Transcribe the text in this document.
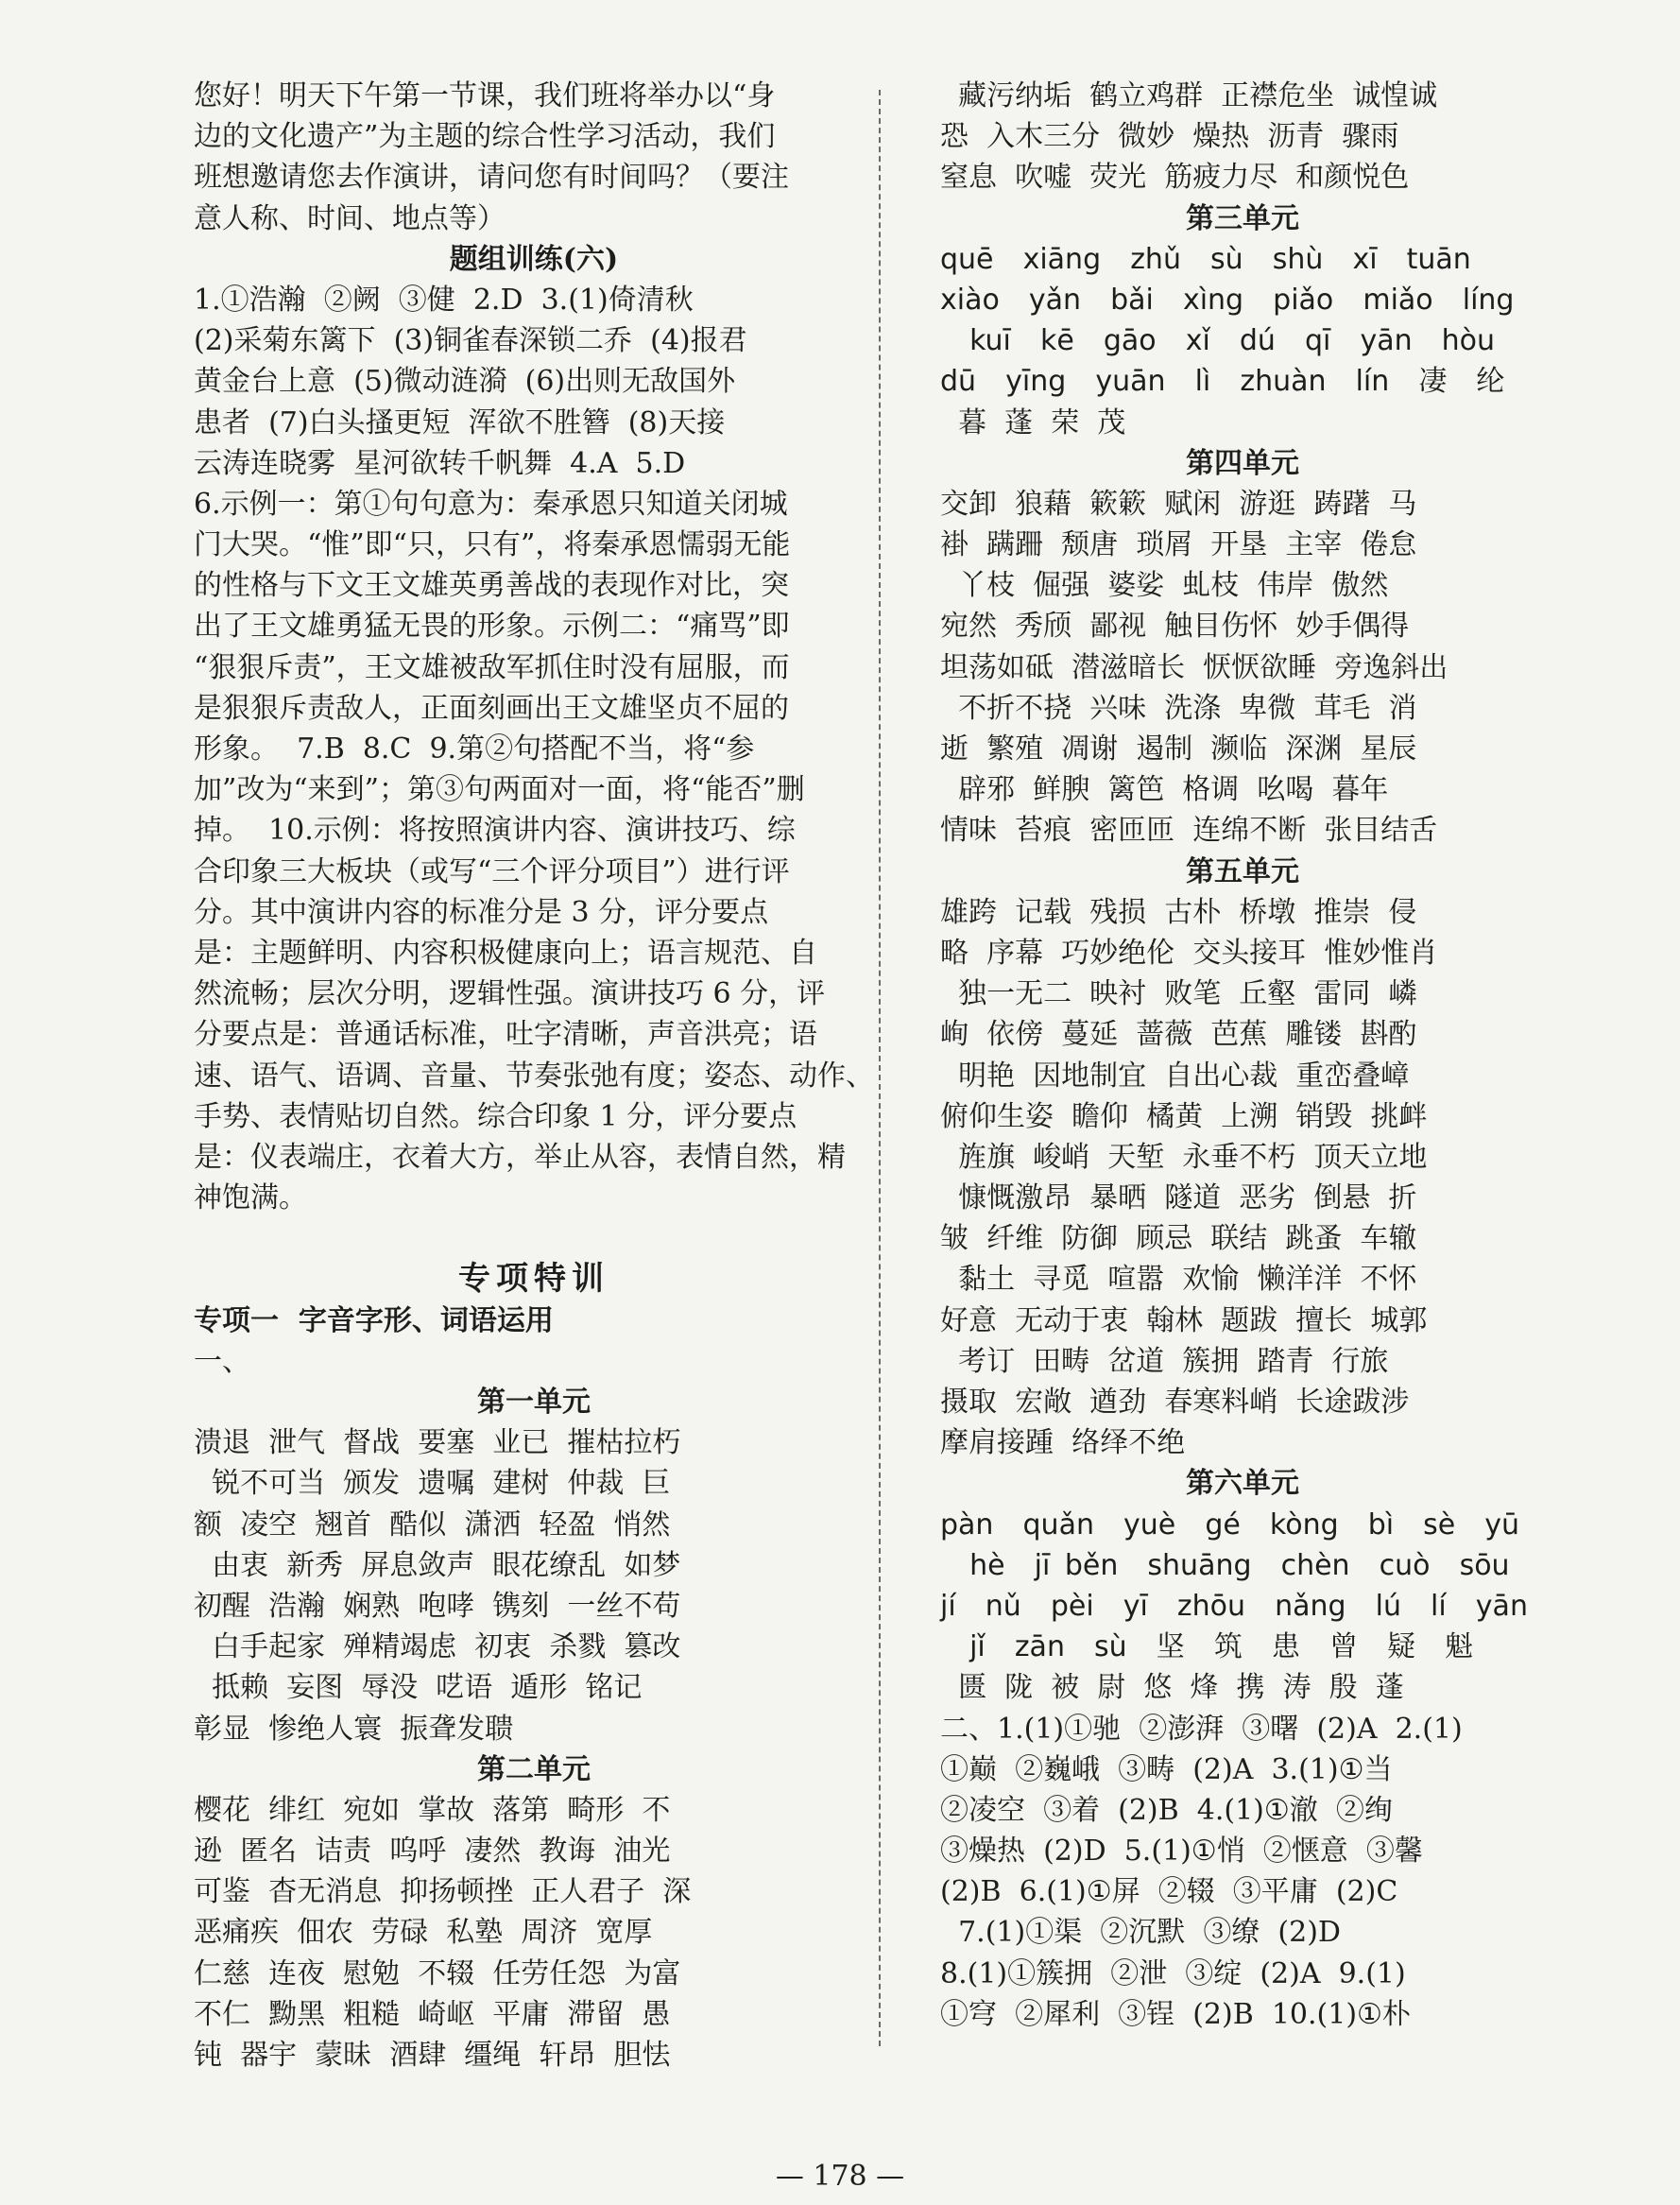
您好！明天下午第一节课，我们班将举办以“身
边的文化遗产”为主题的综合性学习活动，我们
班想邀请您去作演讲，请问您有时间吗？（要注
意人称、时间、地点等）
题组训练(六)
1.①浩瀚  ②阙  ③健  2.D  3.(1)倚清秋
(2)采菊东篱下  (3)铜雀春深锁二乔  (4)报君
黄金台上意  (5)微动涟漪  (6)出则无敌国外
患者  (7)白头搔更短  浑欲不胜簪  (8)天接
云涛连晓雾  星河欲转千帆舞  4.A  5.D
6.示例一：第①句句意为：秦承恩只知道关闭城
门大哭。“惟”即“只，只有”，将秦承恩懦弱无能
的性格与下文王文雄英勇善战的表现作对比，突
出了王文雄勇猛无畏的形象。示例二：“痛骂”即
“狠狠斥责”，王文雄被敌军抓住时没有屈服，而
是狠狠斥责敌人，正面刻画出王文雄坚贞不屈的
形象。  7.B  8.C  9.第②句搭配不当，将“参
加”改为“来到”；第③句两面对一面，将“能否”删
掉。  10.示例：将按照演讲内容、演讲技巧、综
合印象三大板块（或写“三个评分项目”）进行评
分。其中演讲内容的标准分是 3 分，评分要点
是：主题鲜明、内容积极健康向上；语言规范、自
然流畅；层次分明，逻辑性强。演讲技巧 6 分，评
分要点是：普通话标准，吐字清晰，声音洪亮；语
速、语气、语调、音量、节奏张弛有度；姿态、动作、
手势、表情贴切自然。综合印象 1 分，评分要点
是：仪表端庄，衣着大方，举止从容，表情自然，精
神饱满。
专项特训
专项一  字音字形、词语运用
一、
第一单元
溃退  泄气  督战  要塞  业已  摧枯拉朽
锐不可当  颁发  遗嘱  建树  仲裁  巨
额  凌空  翘首  酷似  潇洒  轻盈  悄然
由衷  新秀  屏息敛声  眼花缭乱  如梦
初醒  浩瀚  娴熟  咆哮  镌刻  一丝不苟
白手起家  殚精竭虑  初衷  杀戮  篡改
抵赖  妄图  辱没  呓语  遁形  铭记
彰显  惨绝人寰  振聋发聩
第二单元
樱花  绯红  宛如  掌故  落第  畸形  不
逊  匿名  诘责  呜呼  凄然  教诲  油光
可鉴  杳无消息  抑扬顿挫  正人君子  深
恶痛疾  佃农  劳碌  私塾  周济  宽厚
仁慈  连夜  慰勉  不辍  任劳任怨  为富
不仁  黝黑  粗糙  崎岖  平庸  滞留  愚
钝  器宇  蒙昧  酒肆  缰绳  轩昂  胆怯
藏污纳垢  鹤立鸡群  正襟危坐  诚惶诚
恐  入木三分  微妙  燥热  沥青  骤雨
窒息  吹嘘  荧光  筋疲力尽  和颜悦色
第三单元
quē  xiāng  zhǔ  sù  shù  xī  tuān
xiào  yǎn  bǎi  xìng  piǎo  miǎo  líng
kuī  kē  gāo  xǐ  dú  qī  yān  hòu
dū  yīng  yuān  lì  zhuàn  lín  凄  纶
暮  蓬  荣  茂
第四单元
交卸  狼藉  簌簌  赋闲  游逛  踌躇  马
褂  蹒跚  颓唐  琐屑  开垦  主宰  倦怠
丫枝  倔强  婆娑  虬枝  伟岸  傲然
宛然  秀颀  鄙视  触目伤怀  妙手偶得
坦荡如砥  潜滋暗长  恹恹欲睡  旁逸斜出
不折不挠  兴味  洗涤  卑微  茸毛  消
逝  繁殖  凋谢  遏制  濒临  深渊  星辰
辟邪  鲜腴  篱笆  格调  吆喝  暮年
情味  苔痕  密匝匝  连绵不断  张目结舌
第五单元
雄跨  记载  残损  古朴  桥墩  推崇  侵
略  序幕  巧妙绝伦  交头接耳  惟妙惟肖
独一无二  映衬  败笔  丘壑  雷同  嶙
峋  依傍  蔓延  蔷薇  芭蕉  雕镂  斟酌
明艳  因地制宜  自出心裁  重峦叠嶂
俯仰生姿  瞻仰  橘黄  上溯  销毁  挑衅
旌旗  峻峭  天堑  永垂不朽  顶天立地
慷慨激昂  暴晒  隧道  恶劣  倒悬  折
皱  纤维  防御  顾忌  联结  跳蚤  车辙
黏土  寻觅  喧嚣  欢愉  懒洋洋  不怀
好意  无动于衷  翰林  题跋  擅长  城郭
考订  田畴  岔道  簇拥  踏青  行旅
摄取  宏敞  遒劲  春寒料峭  长途跋涉
摩肩接踵  络绎不绝
第六单元
pàn  quǎn  yuè  gé  kòng  bì  sè  yū
hè  jī běn  shuāng  chèn  cuò  sōu
jí  nǔ  pèi  yī  zhōu  nǎng  lú  lí  yān
jǐ  zān  sù  坚  筑  患  曾  疑  魁
匮  陇  被  尉  悠  烽  携  涛  殷  蓬
二、1.(1)①驰  ②澎湃  ③曙  (2)A  2.(1)
①巅  ②巍峨  ③畴  (2)A  3.(1)①当
②凌空  ③着  (2)B  4.(1)①澈  ②绚
③燥热  (2)D  5.(1)①悄  ②惬意  ③馨
(2)B  6.(1)①屏  ②辍  ③平庸  (2)C
7.(1)①渠  ②沉默  ③缭  (2)D
8.(1)①簇拥  ②泄  ③绽  (2)A  9.(1)
①穹  ②犀利  ③锃  (2)B  10.(1)①朴
— 178 —
